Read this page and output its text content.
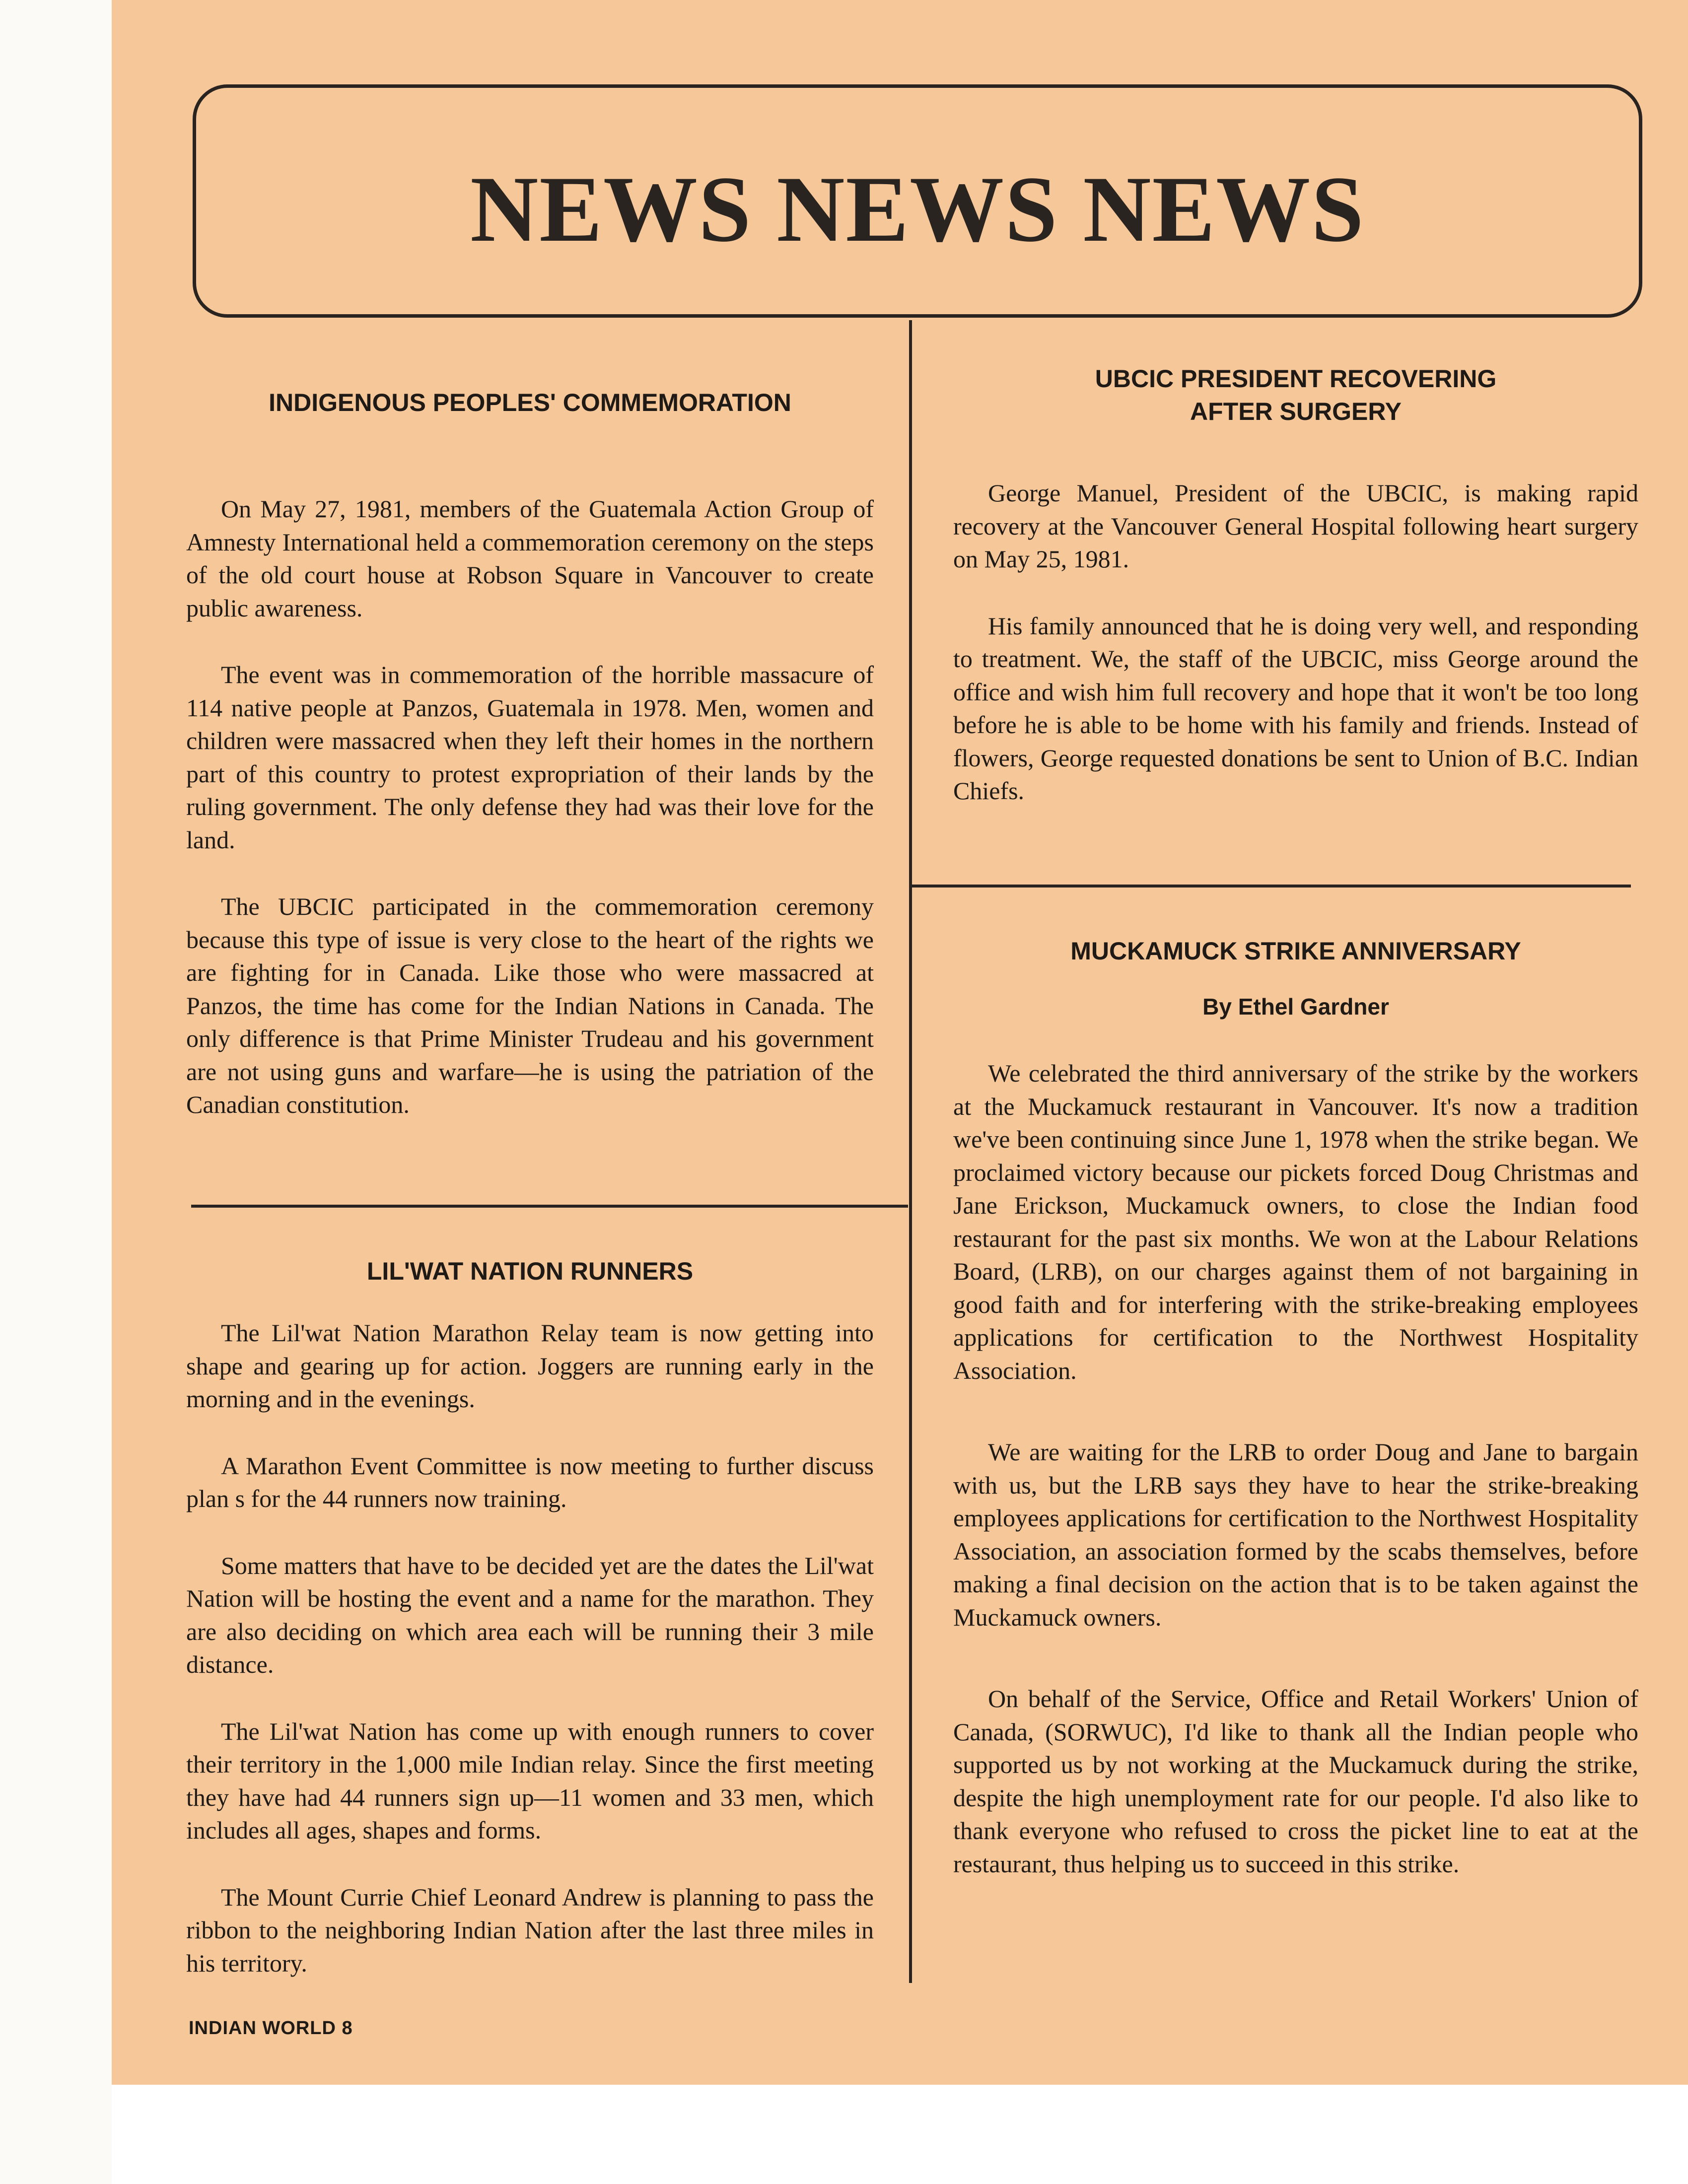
NEWS NEWS NEWS
INDIGENOUS PEOPLES' COMMEMORATION

On May 27, 1981, members of the Guatemala Action Group of Amnesty International held a commemoration ceremony on the steps of the old court house at Robson Square in Vancouver to create public awareness.

The event was in commemoration of the horrible massacure of 114 native people at Panzos, Guatemala in 1978. Men, women and children were massacred when they left their homes in the northern part of this country to protest expropriation of their lands by the ruling government. The only defense they had was their love for the land.

The UBCIC participated in the commemoration ceremony because this type of issue is very close to the heart of the rights we are fighting for in Canada. Like those who were massacred at Panzos, the time has come for the Indian Nations in Canada. The only difference is that Prime Minister Trudeau and his government are not using guns and warfare—he is using the patriation of the Canadian constitution.

LIL'WAT NATION RUNNERS

The Lil'wat Nation Marathon Relay team is now getting into shape and gearing up for action. Joggers are running early in the morning and in the evenings.

A Marathon Event Committee is now meeting to further discuss plan s for the 44 runners now training.

Some matters that have to be decided yet are the dates the Lil'wat Nation will be hosting the event and a name for the marathon. They are also deciding on which area each will be running their 3 mile distance.

The Lil'wat Nation has come up with enough runners to cover their territory in the 1,000 mile Indian relay. Since the first meeting they have had 44 runners sign up—11 women and 33 men, which includes all ages, shapes and forms.

The Mount Currie Chief Leonard Andrew is planning to pass the ribbon to the neighboring Indian Nation after the last three miles in his territory.

UBCIC PRESIDENT RECOVERING
AFTER SURGERY

George Manuel, President of the UBCIC, is making rapid recovery at the Vancouver General Hospital following heart surgery on May 25, 1981.

His family announced that he is doing very well, and responding to treatment. We, the staff of the UBCIC, miss George around the office and wish him full recovery and hope that it won't be too long before he is able to be home with his family and friends. Instead of flowers, George requested donations be sent to Union of B.C. Indian Chiefs.

MUCKAMUCK STRIKE ANNIVERSARY

By Ethel Gardner

We celebrated the third anniversary of the strike by the workers at the Muckamuck restaurant in Vancouver. It's now a tradition we've been continuing since June 1, 1978 when the strike began. We proclaimed victory because our pickets forced Doug Christmas and Jane Erickson, Muckamuck owners, to close the Indian food restaurant for the past six months. We won at the Labour Relations Board, (LRB), on our charges against them of not bargaining in good faith and for interfering with the strike-breaking employees applications for certification to the Northwest Hospitality Association.

We are waiting for the LRB to order Doug and Jane to bargain with us, but the LRB says they have to hear the strike-breaking employees applications for certification to the Northwest Hospitality Association, an association formed by the scabs themselves, before making a final decision on the action that is to be taken against the Muckamuck owners.

On behalf of the Service, Office and Retail Workers' Union of Canada, (SORWUC), I'd like to thank all the Indian people who supported us by not working at the Muckamuck during the strike, despite the high unemployment rate for our people. I'd also like to thank everyone who refused to cross the picket line to eat at the restaurant, thus helping us to succeed in this strike.

INDIAN WORLD 8
